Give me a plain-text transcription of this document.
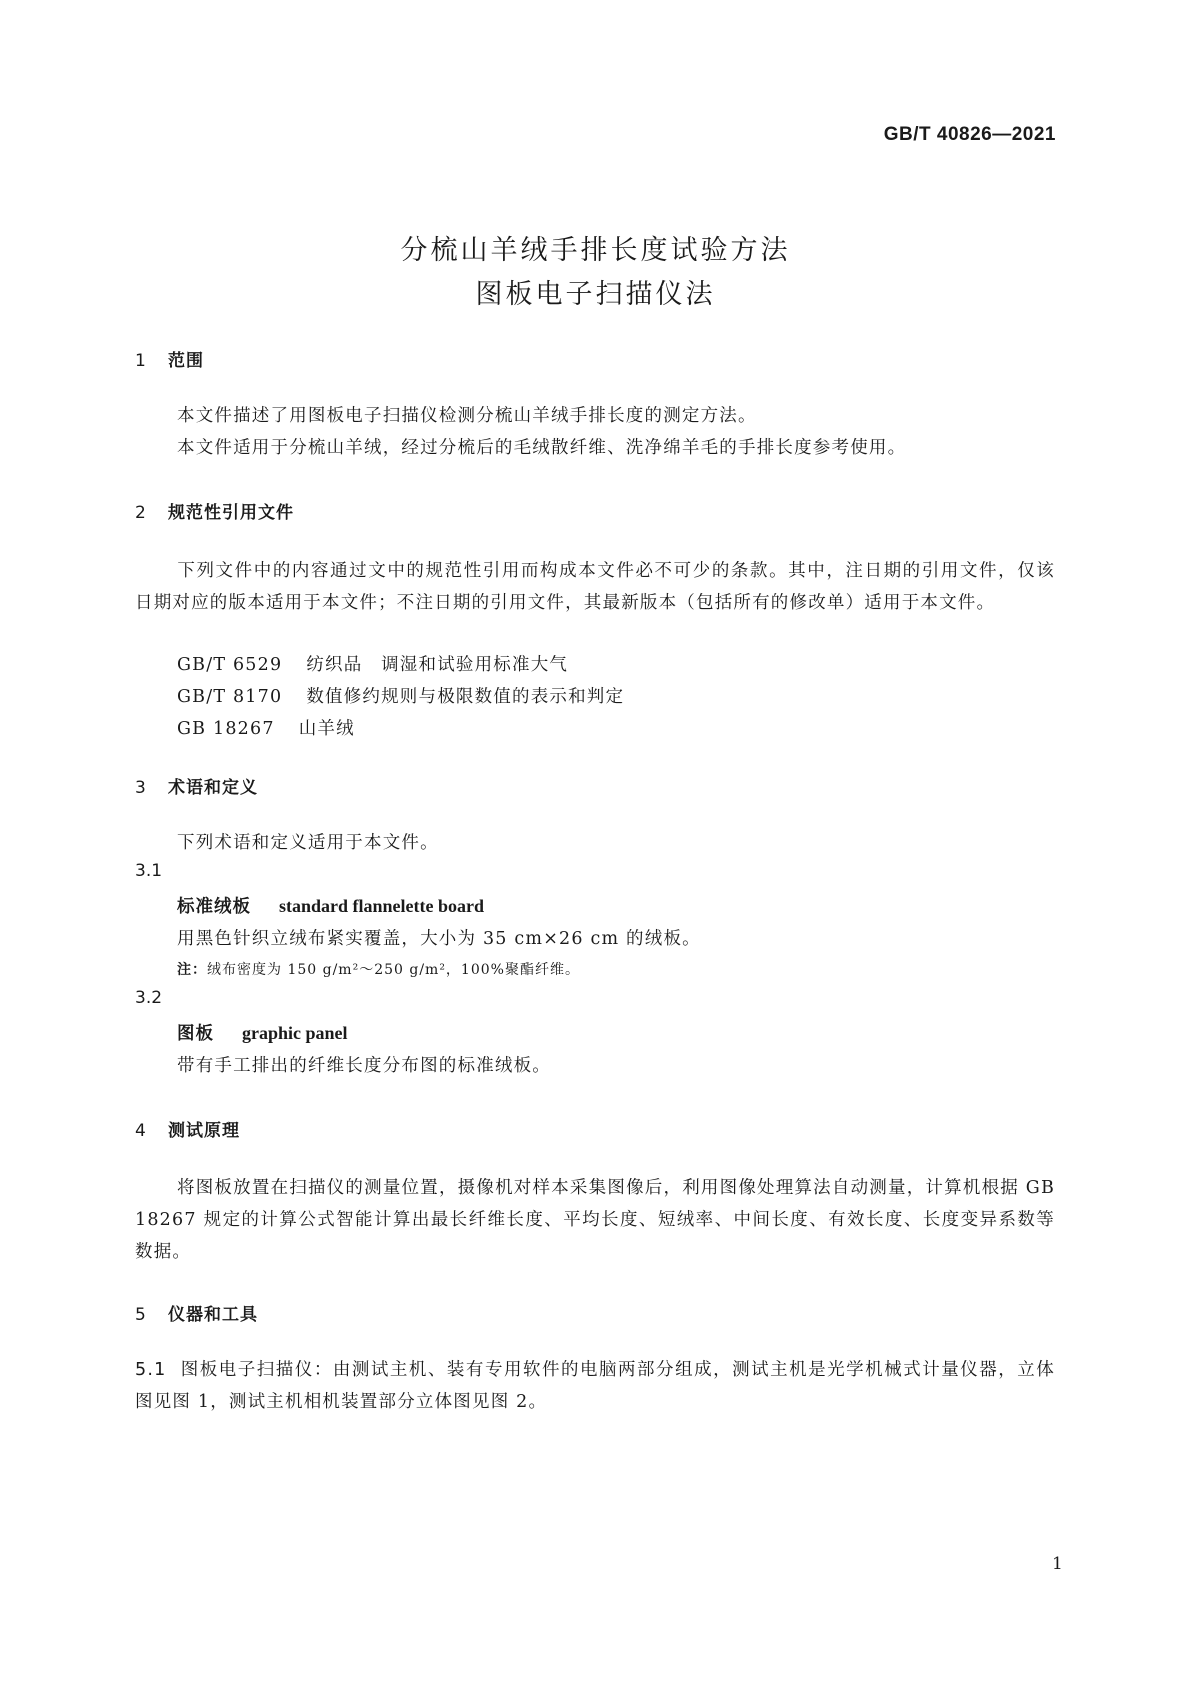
GB/T 40826—2021
分梳山羊绒手排长度试验方法
图板电子扫描仪法
1 范围
本文件描述了用图板电子扫描仪检测分梳山羊绒手排长度的测定方法。
本文件适用于分梳山羊绒，经过分梳后的毛绒散纤维、洗净绵羊毛的手排长度参考使用。
2 规范性引用文件
下列文件中的内容通过文中的规范性引用而构成本文件必不可少的条款。其中，注日期的引用文件，仅该日期对应的版本适用于本文件；不注日期的引用文件，其最新版本（包括所有的修改单）适用于本文件。
GB/T 6529 纺织品　调湿和试验用标准大气
GB/T 8170 数值修约规则与极限数值的表示和判定
GB 18267 山羊绒
3 术语和定义
下列术语和定义适用于本文件。
3.1
标准绒板 standard flannelette board
用黑色针织立绒布紧实覆盖，大小为 35 cm×26 cm 的绒板。
注：绒布密度为 150 g/m²～250 g/m²，100%聚酯纤维。
3.2
图板 graphic panel
带有手工排出的纤维长度分布图的标准绒板。
4 测试原理
将图板放置在扫描仪的测量位置，摄像机对样本采集图像后，利用图像处理算法自动测量，计算机根据 GB 18267 规定的计算公式智能计算出最长纤维长度、平均长度、短绒率、中间长度、有效长度、长度变异系数等数据。
5 仪器和工具
5.1 图板电子扫描仪：由测试主机、装有专用软件的电脑两部分组成，测试主机是光学机械式计量仪器，立体图见图 1，测试主机相机装置部分立体图见图 2。
1
